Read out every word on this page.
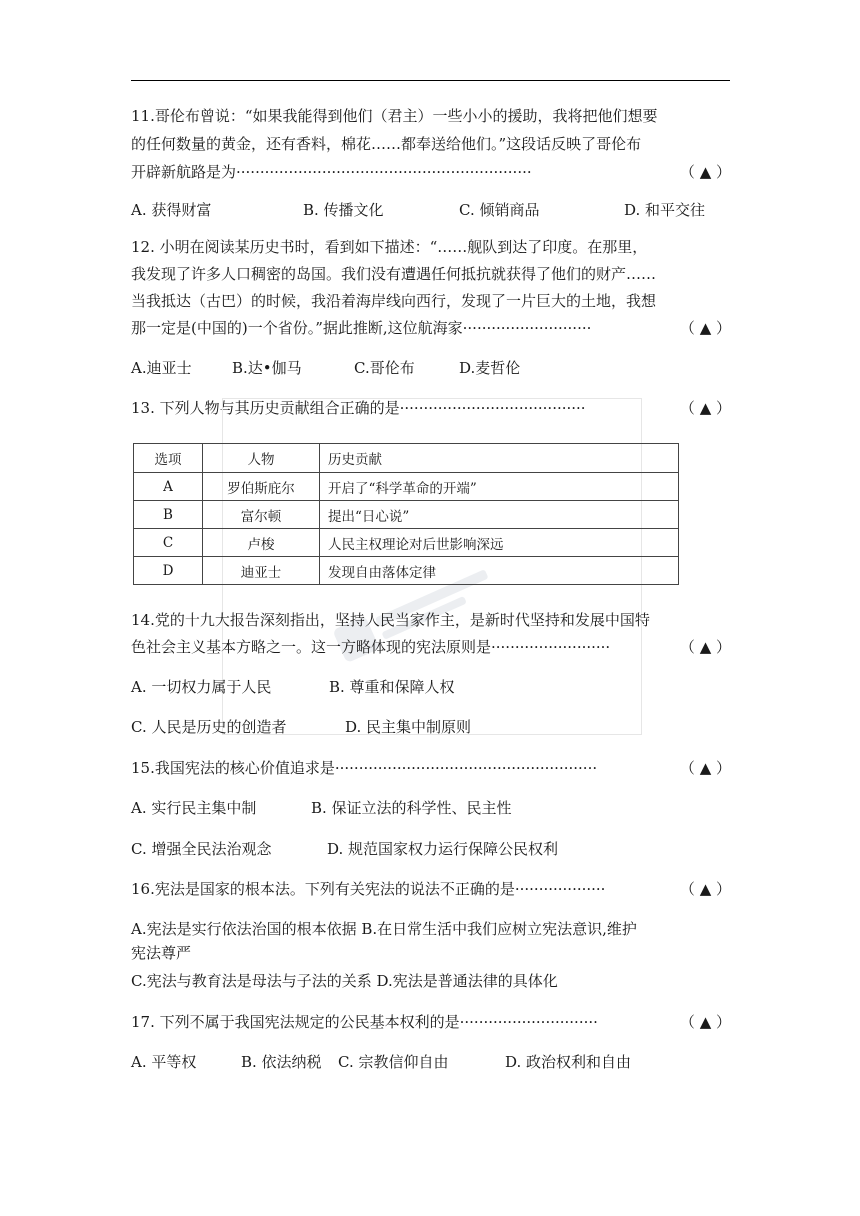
11.哥伦布曾说：“如果我能得到他们（君主）一些小小的援助，我将把他们想要
的任何数量的黄金，还有香料，棉花……都奉送给他们。”这段话反映了哥伦布
开辟新航路是为······························································	（ ▲ ）
A. 获得财富	B. 传播文化	C. 倾销商品	D. 和平交往
12. 小明在阅读某历史书时，看到如下描述：“……舰队到达了印度。在那里，
我发现了许多人口稠密的岛国。我们没有遭遇任何抵抗就获得了他们的财产……
当我抵达（古巴）的时候，我沿着海岸线向西行，发现了一片巨大的土地，我想
那一定是(中国的)一个省份。”据此推断,这位航海家···························	（ ▲ ）
A.迪亚士	B.达•伽马	C.哥伦布	D.麦哲伦
13. 下列人物与其历史贡献组合正确的是·······································	（ ▲ ）
选项	人物	历史贡献
A	罗伯斯庇尔	开启了“科学革命的开端”
B	富尔顿	提出“日心说”
C	卢梭	人民主权理论对后世影响深远
D	迪亚士	发现自由落体定律
14.党的十九大报告深刻指出，坚持人民当家作主，是新时代坚持和发展中国特
色社会主义基本方略之一。这一方略体现的宪法原则是·························	（ ▲ ）
A. 一切权力属于人民	B. 尊重和保障人权
C. 人民是历史的创造者	D. 民主集中制原则
15.我国宪法的核心价值追求是·······················································	（ ▲ ）
A. 实行民主集中制	B. 保证立法的科学性、民主性
C. 增强全民法治观念	D. 规范国家权力运行保障公民权利
16.宪法是国家的根本法。下列有关宪法的说法不正确的是···················	（ ▲ ）
A.宪法是实行依法治国的根本依据 B.在日常生活中我们应树立宪法意识,维护
宪法尊严
C.宪法与教育法是母法与子法的关系 D.宪法是普通法律的具体化
17. 下列不属于我国宪法规定的公民基本权利的是·····························	（ ▲ ）
A. 平等权	B. 依法纳税	C. 宗教信仰自由	D. 政治权利和自由
